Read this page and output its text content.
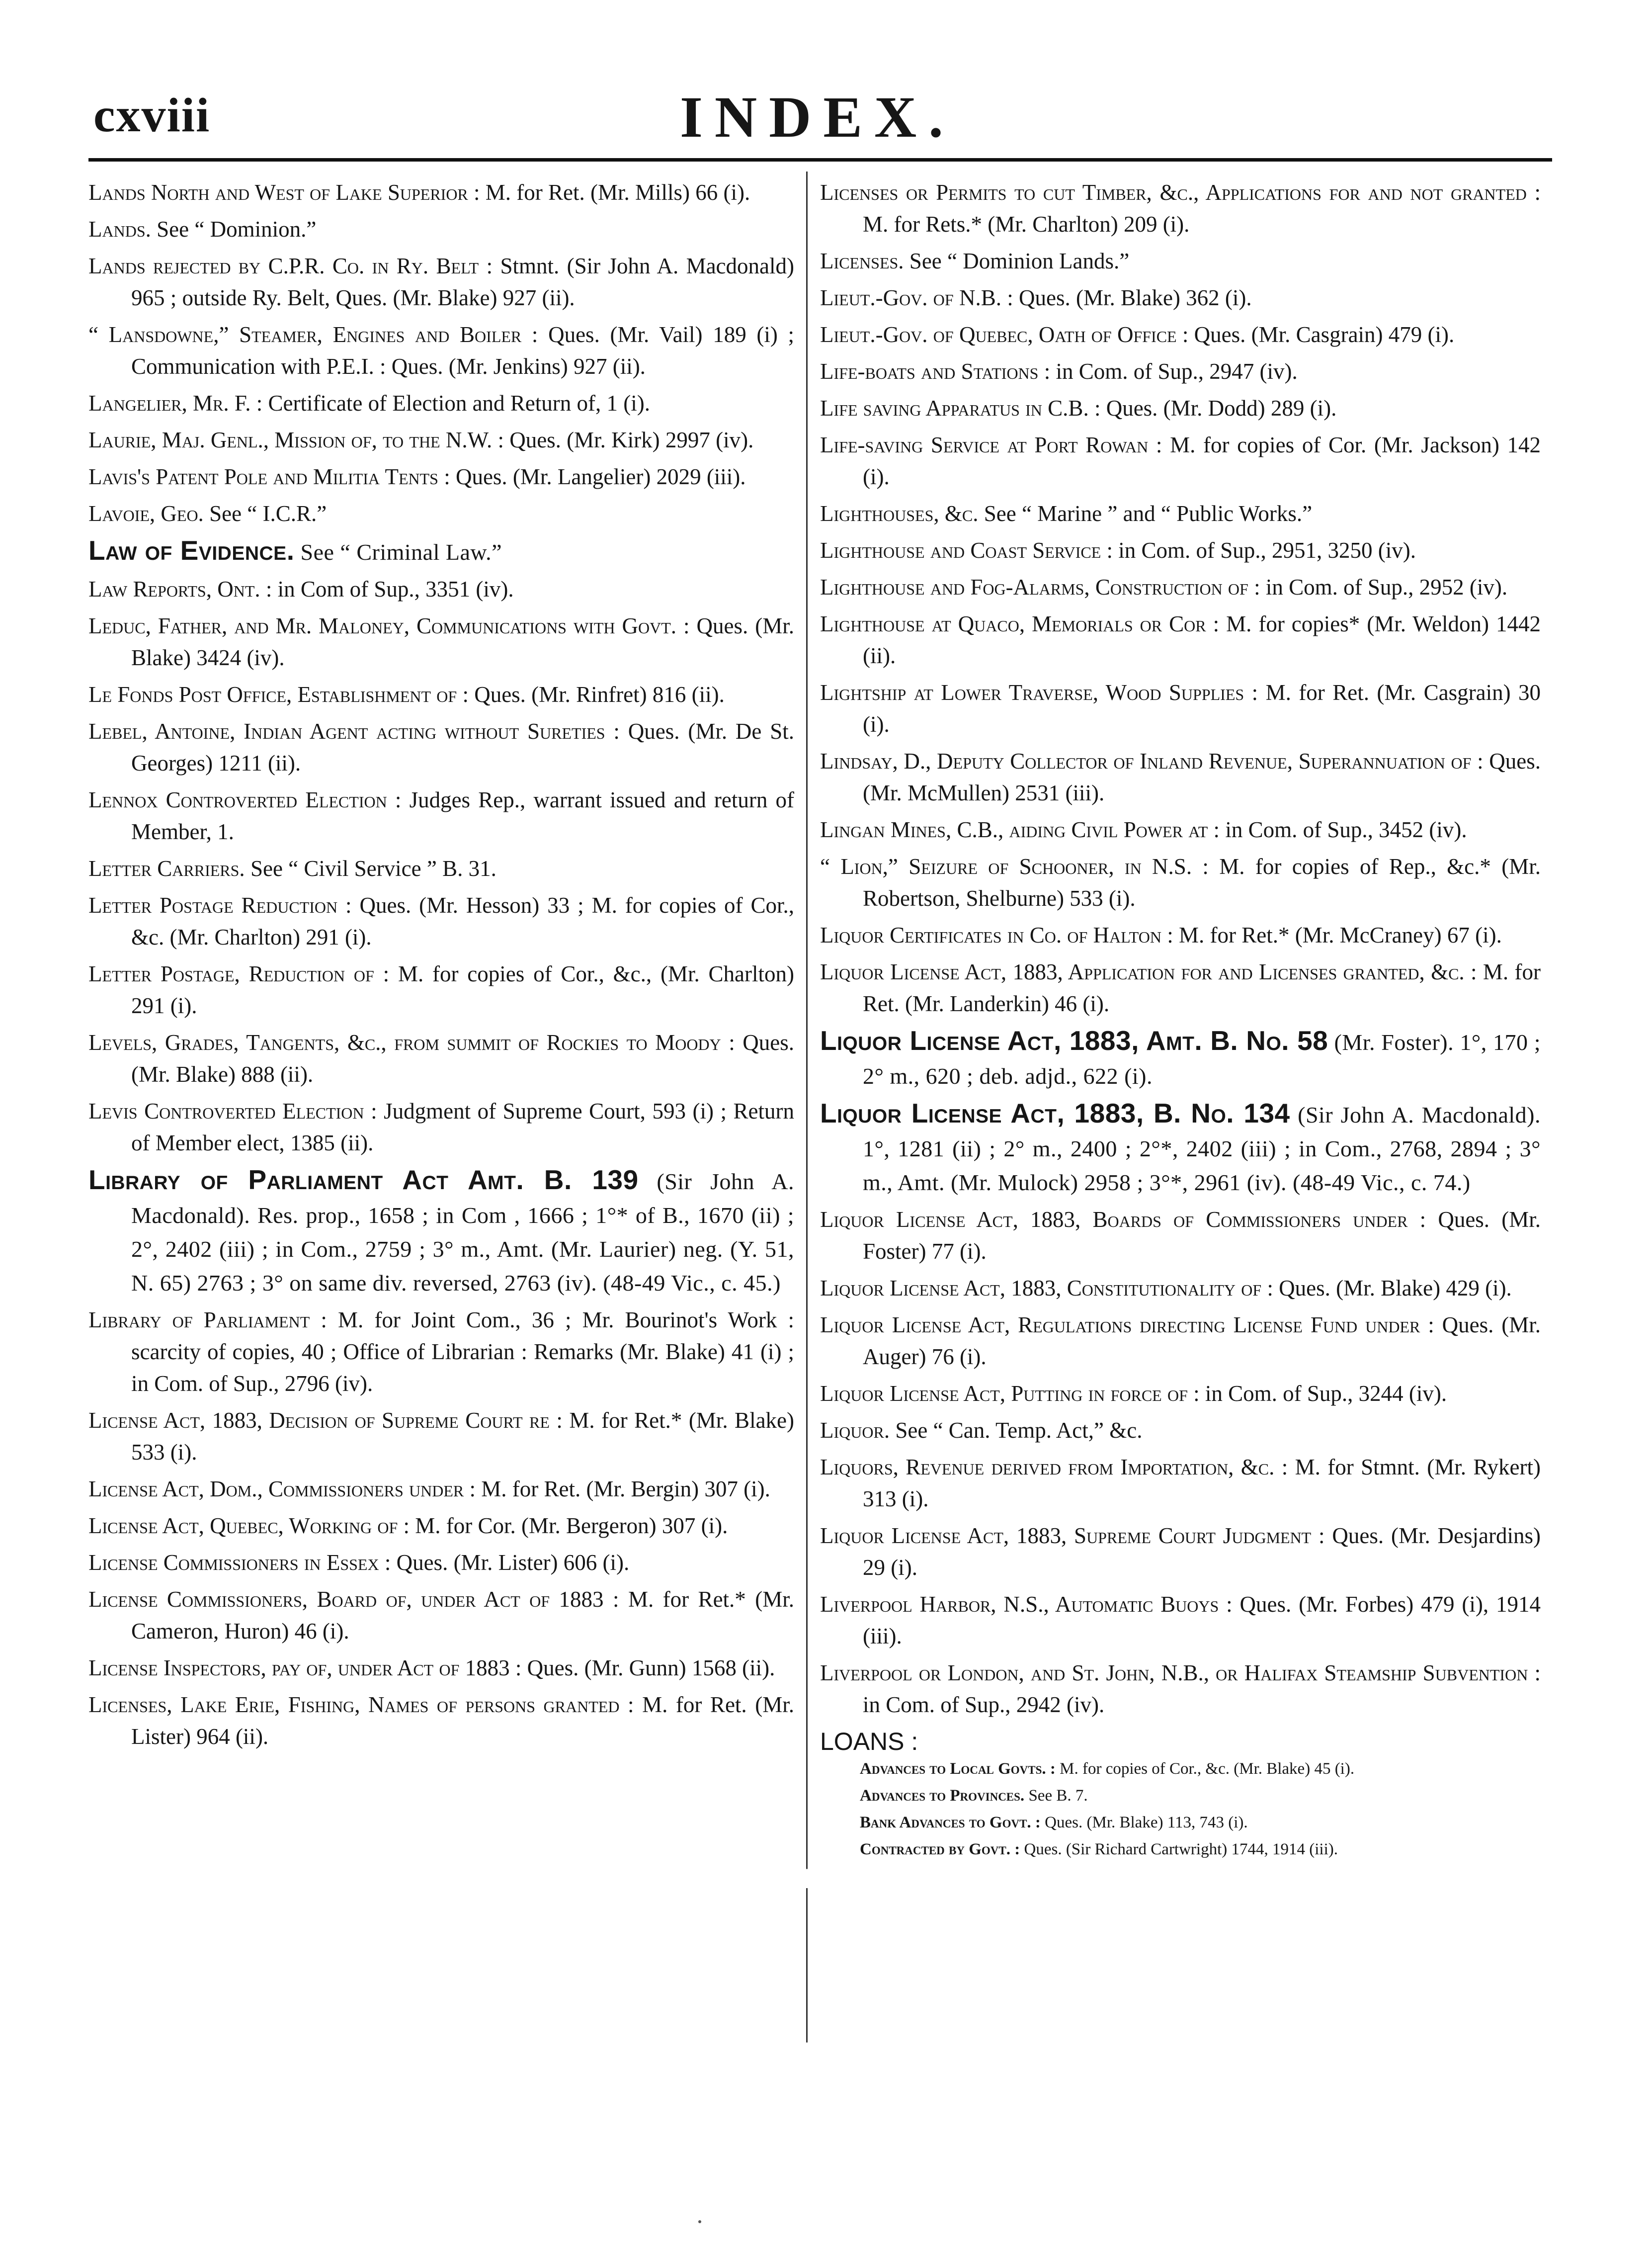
cxviii	INDEX.
Lands North and West of Lake Superior : M. for Ret. (Mr. Mills) 66 (i).
Lands. See “ Dominion.”
Lands rejected by C.P.R. Co. in Ry. Belt : Stmnt. (Sir John A. Macdonald) 965 ; outside Ry. Belt, Ques. (Mr. Blake) 927 (ii).
“ Lansdowne,” Steamer, Engines and Boiler : Ques. (Mr. Vail) 189 (i) ; Communication with P.E.I. : Ques. (Mr. Jenkins) 927 (ii).
Langelier, Mr. F. : Certificate of Election and Return of, 1 (i).
Laurie, Maj. Genl., Mission of, to the N.W. : Ques. (Mr. Kirk) 2997 (iv).
Lavis's Patent Pole and Militia Tents : Ques. (Mr. Langelier) 2029 (iii).
Lavoie, Geo. See “ I.C.R.”
Law of Evidence. See “ Criminal Law.”
Law Reports, Ont. : in Com of Sup., 3351 (iv).
Leduc, Father, and Mr. Maloney, Communications with Govt. : Ques. (Mr. Blake) 3424 (iv).
Le Fonds Post Office, Establishment of : Ques. (Mr. Rinfret) 816 (ii).
Lebel, Antoine, Indian Agent acting without Sureties : Ques. (Mr. De St. Georges) 1211 (ii).
Lennox Controverted Election : Judges Rep., warrant issued and return of Member, 1.
Letter Carriers. See “ Civil Service ” B. 31.
Letter Postage Reduction : Ques. (Mr. Hesson) 33 ; M. for copies of Cor., &c. (Mr. Charlton) 291 (i).
Letter Postage, Reduction of : M. for copies of Cor., &c., (Mr. Charlton) 291 (i).
Levels, Grades, Tangents, &c., from summit of Rockies to Moody : Ques. (Mr. Blake) 888 (ii).
Levis Controverted Election : Judgment of Supreme Court, 593 (i) ; Return of Member elect, 1385 (ii).
Library of Parliament Act Amt. B. 139 (Sir John A. Macdonald). Res. prop., 1658 ; in Com , 1666 ; 1°* of B., 1670 (ii) ; 2°, 2402 (iii) ; in Com., 2759 ; 3° m., Amt. (Mr. Laurier) neg. (Y. 51, N. 65) 2763 ; 3° on same div. reversed, 2763 (iv). (48-49 Vic., c. 45.)
Library of Parliament : M. for Joint Com., 36 ; Mr. Bourinot's Work : scarcity of copies, 40 ; Office of Librarian : Remarks (Mr. Blake) 41 (i) ; in Com. of Sup., 2796 (iv).
License Act, 1883, Decision of Supreme Court re : M. for Ret.* (Mr. Blake) 533 (i).
License Act, Dom., Commissioners under : M. for Ret. (Mr. Bergin) 307 (i).
License Act, Quebec, Working of : M. for Cor. (Mr. Bergeron) 307 (i).
License Commissioners in Essex : Ques. (Mr. Lister) 606 (i).
License Commissioners, Board of, under Act of 1883 : M. for Ret.* (Mr. Cameron, Huron) 46 (i).
License Inspectors, pay of, under Act of 1883 : Ques. (Mr. Gunn) 1568 (ii).
Licenses, Lake Erie, Fishing, Names of persons granted : M. for Ret. (Mr. Lister) 964 (ii).
Licenses or Permits to cut Timber, &c., Applications for and not granted : M. for Rets.* (Mr. Charlton) 209 (i).
Licenses. See “ Dominion Lands.”
Lieut.-Gov. of N.B. : Ques. (Mr. Blake) 362 (i).
Lieut.-Gov. of Quebec, Oath of Office : Ques. (Mr. Casgrain) 479 (i).
Life-boats and Stations : in Com. of Sup., 2947 (iv).
Life saving Apparatus in C.B. : Ques. (Mr. Dodd) 289 (i).
Life-saving Service at Port Rowan : M. for copies of Cor. (Mr. Jackson) 142 (i).
Lighthouses, &c. See “ Marine ” and “ Public Works.”
Lighthouse and Coast Service : in Com. of Sup., 2951, 3250 (iv).
Lighthouse and Fog-Alarms, Construction of : in Com. of Sup., 2952 (iv).
Lighthouse at Quaco, Memorials or Cor : M. for copies* (Mr. Weldon) 1442 (ii).
Lightship at Lower Traverse, Wood Supplies : M. for Ret. (Mr. Casgrain) 30 (i).
Lindsay, D., Deputy Collector of Inland Revenue, Superannuation of : Ques. (Mr. McMullen) 2531 (iii).
Lingan Mines, C.B., aiding Civil Power at : in Com. of Sup., 3452 (iv).
“ Lion,” Seizure of Schooner, in N.S. : M. for copies of Rep., &c.* (Mr. Robertson, Shelburne) 533 (i).
Liquor Certificates in Co. of Halton : M. for Ret.* (Mr. McCraney) 67 (i).
Liquor License Act, 1883, Application for and Licenses granted, &c. : M. for Ret. (Mr. Landerkin) 46 (i).
Liquor License Act, 1883, Amt. B. No. 58 (Mr. Foster). 1°, 170 ; 2° m., 620 ; deb. adjd., 622 (i).
Liquor License Act, 1883, B. No. 134 (Sir John A. Macdonald). 1°, 1281 (ii) ; 2° m., 2400 ; 2°*, 2402 (iii) ; in Com., 2768, 2894 ; 3° m., Amt. (Mr. Mulock) 2958 ; 3°*, 2961 (iv). (48-49 Vic., c. 74.)
Liquor License Act, 1883, Boards of Commissioners under : Ques. (Mr. Foster) 77 (i).
Liquor License Act, 1883, Constitutionality of : Ques. (Mr. Blake) 429 (i).
Liquor License Act, Regulations directing License Fund under : Ques. (Mr. Auger) 76 (i).
Liquor License Act, Putting in force of : in Com. of Sup., 3244 (iv).
Liquor. See “ Can. Temp. Act,” &c.
Liquors, Revenue derived from Importation, &c. : M. for Stmnt. (Mr. Rykert) 313 (i).
Liquor License Act, 1883, Supreme Court Judgment : Ques. (Mr. Desjardins) 29 (i).
Liverpool Harbor, N.S., Automatic Buoys : Ques. (Mr. Forbes) 479 (i), 1914 (iii).
Liverpool or London, and St. John, N.B., or Halifax Steamship Subvention : in Com. of Sup., 2942 (iv).
LOANS :
Advances to Local Govts. : M. for copies of Cor., &c. (Mr. Blake) 45 (i).
Advances to Provinces. See B. 7.
Bank Advances to Govt. : Ques. (Mr. Blake) 113, 743 (i).
Contracted by Govt. : Ques. (Sir Richard Cartwright) 1744, 1914 (iii).
